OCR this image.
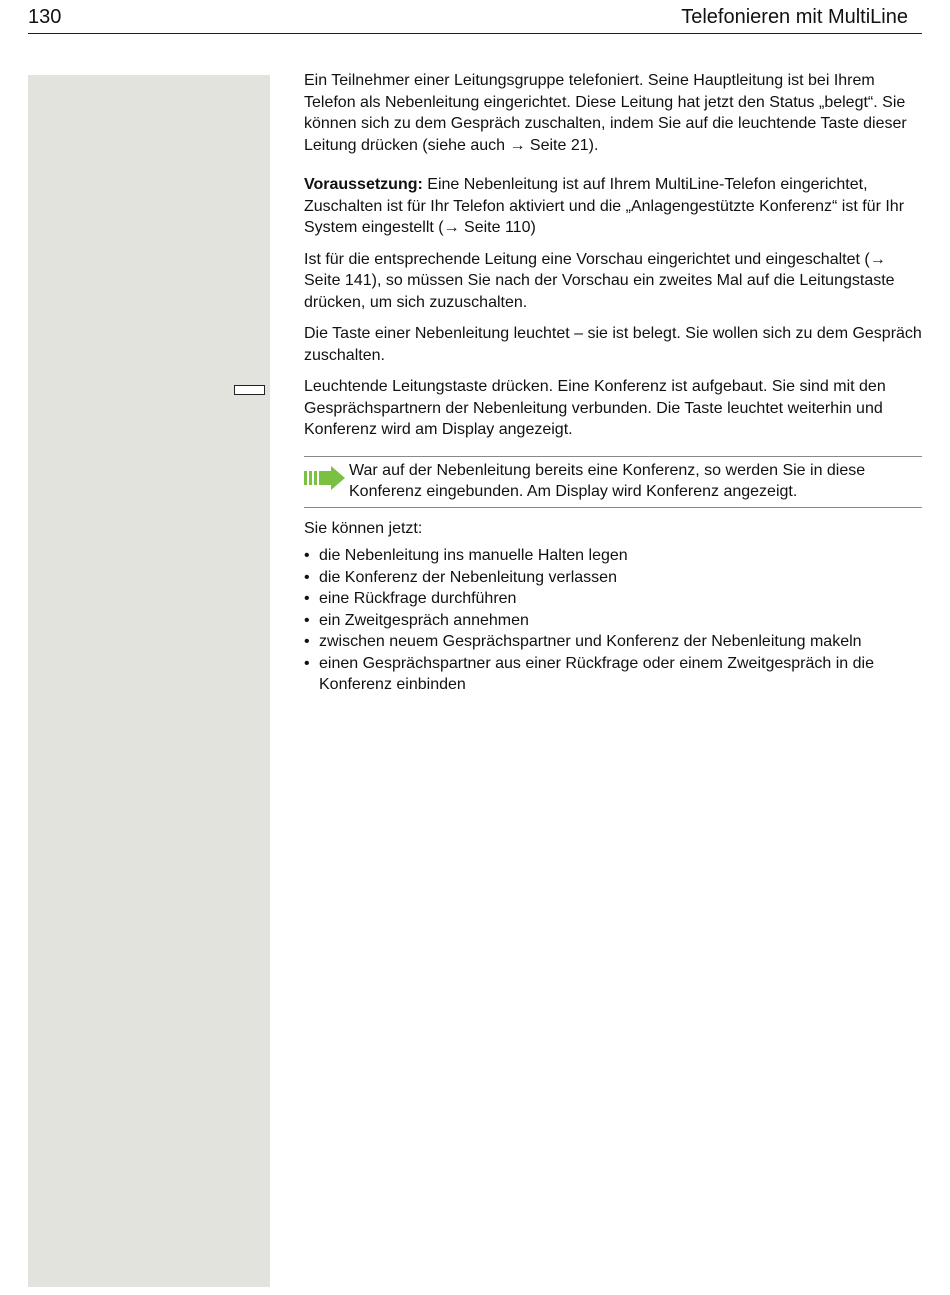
130	Telefonieren mit MultiLine

Ein Teilnehmer einer Leitungsgruppe telefoniert. Seine Hauptleitung ist bei Ihrem Telefon als Nebenleitung eingerichtet. Diese Leitung hat jetzt den Status „belegt“. Sie können sich zu dem Gespräch zuschalten, indem Sie auf die leuchtende Taste dieser Leitung drücken (siehe auch → Seite 21).

Voraussetzung: Eine Nebenleitung ist auf Ihrem MultiLine-Telefon eingerichtet, Zuschalten ist für Ihr Telefon aktiviert und die „Anlagengestützte Konferenz“ ist für Ihr System eingestellt (→ Seite 110)

Ist für die entsprechende Leitung eine Vorschau eingerichtet und eingeschaltet (→ Seite 141), so müssen Sie nach der Vorschau ein zweites Mal auf die Leitungstaste drücken, um sich zuzuschalten.

Die Taste einer Nebenleitung leuchtet – sie ist belegt. Sie wollen sich zu dem Gespräch zuschalten.

Leuchtende Leitungstaste drücken. Eine Konferenz ist aufgebaut. Sie sind mit den Gesprächspartnern der Nebenleitung verbunden. Die Taste leuchtet weiterhin und Konferenz wird am Display angezeigt.

War auf der Nebenleitung bereits eine Konferenz, so werden Sie in diese Konferenz eingebunden. Am Display wird Konferenz angezeigt.

Sie können jetzt:

• die Nebenleitung ins manuelle Halten legen
• die Konferenz der Nebenleitung verlassen
• eine Rückfrage durchführen
• ein Zweitgespräch annehmen
• zwischen neuem Gesprächspartner und Konferenz der Nebenleitung makeln
• einen Gesprächspartner aus einer Rückfrage oder einem Zweitgespräch in die Konferenz einbinden
